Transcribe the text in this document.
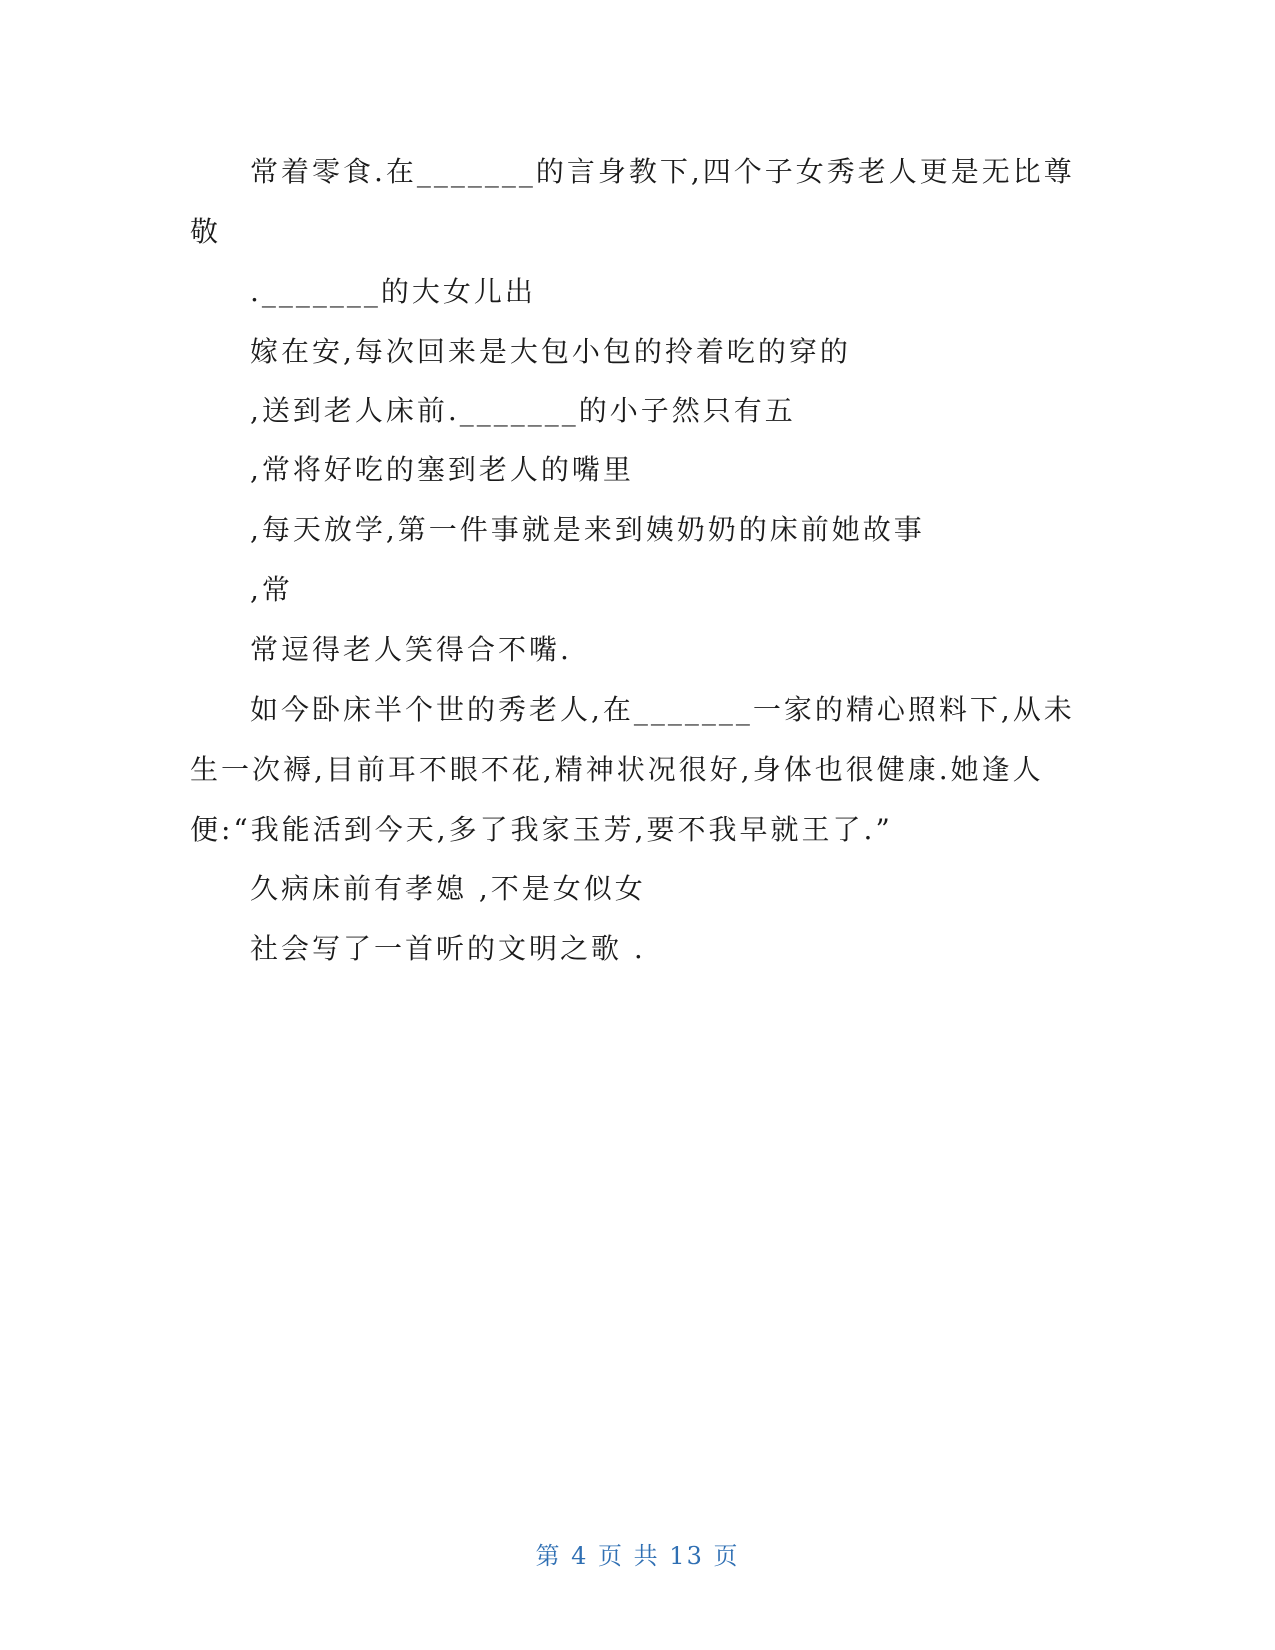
常着零食.在_______的言身教下,四个子女秀老人更是无比尊
敬
._______的大女儿出
嫁在安,每次回来是大包小包的拎着吃的穿的
,送到老人床前._______的小子然只有五
,常将好吃的塞到老人的嘴里
,每天放学,第一件事就是来到姨奶奶的床前她故事
,常
常逗得老人笑得合不嘴.
如今卧床半个世的秀老人,在_______一家的精心照料下,从未
生一次褥,目前耳不眼不花,精神状况很好,身体也很健康.她逢人
便:“我能活到今天,多了我家玉芳,要不我早就王了.”
久病床前有孝媳 ,不是女似女
社会写了一首听的文明之歌 .
第 4 页 共 13 页
